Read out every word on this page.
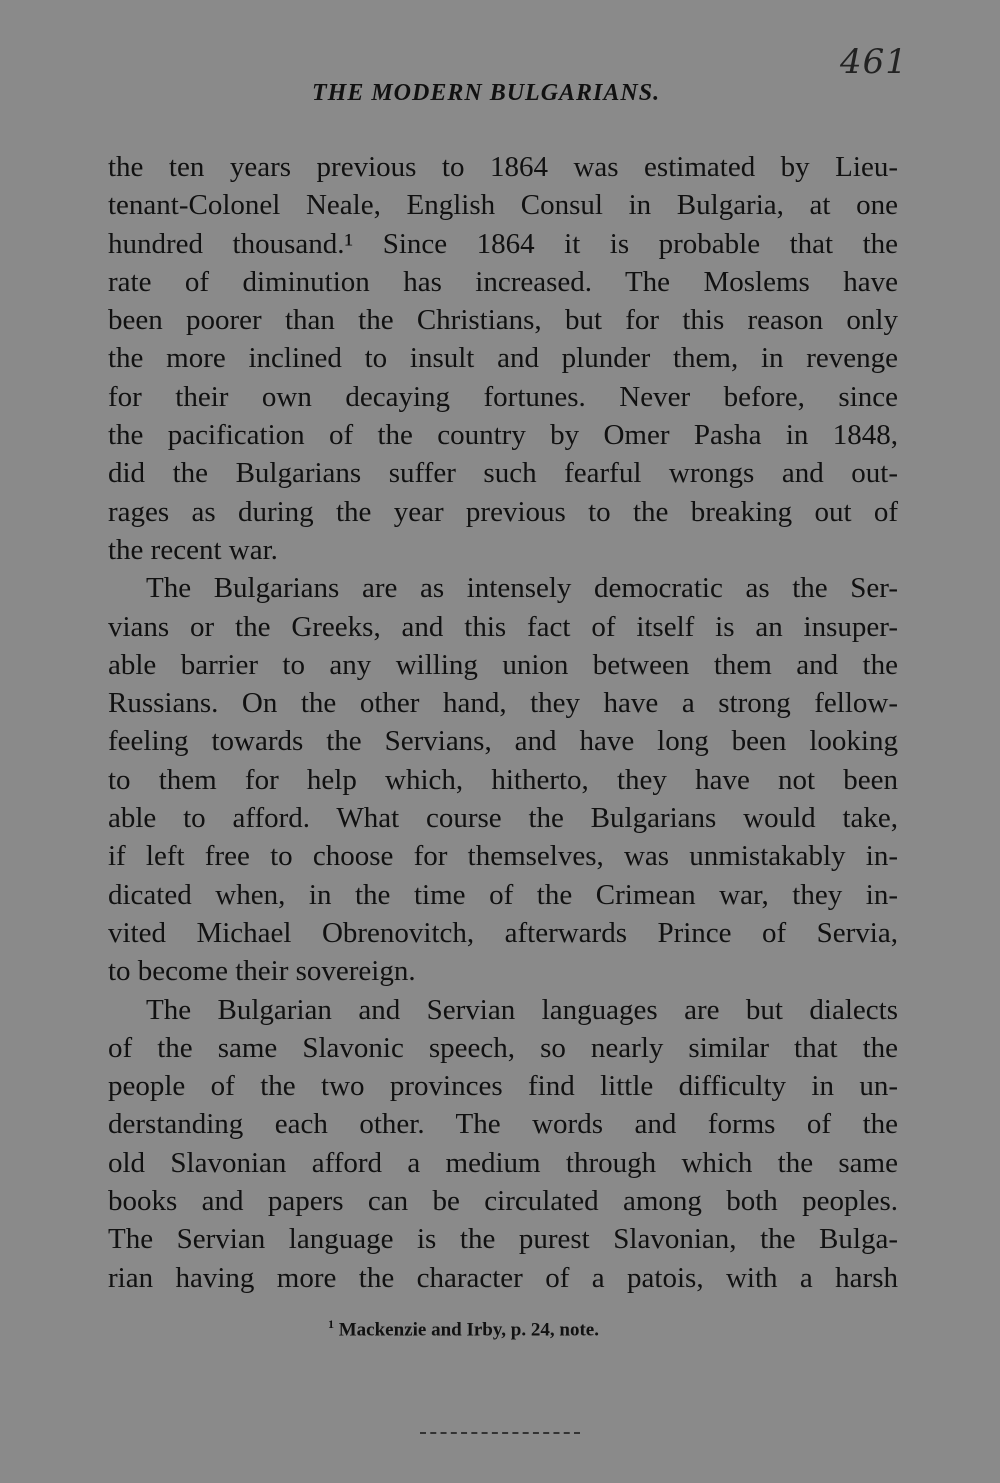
461
THE MODERN BULGARIANS.
the ten years previous to 1864 was estimated by Lieu-
tenant-Colonel Neale, English Consul in Bulgaria, at one
hundred thousand.¹ Since 1864 it is probable that the
rate of diminution has increased. The Moslems have
been poorer than the Christians, but for this reason only
the more inclined to insult and plunder them, in revenge
for their own decaying fortunes. Never before, since
the pacification of the country by Omer Pasha in 1848,
did the Bulgarians suffer such fearful wrongs and out-
rages as during the year previous to the breaking out of
the recent war.
The Bulgarians are as intensely democratic as the Ser-
vians or the Greeks, and this fact of itself is an insuper-
able barrier to any willing union between them and the
Russians. On the other hand, they have a strong fellow-
feeling towards the Servians, and have long been looking
to them for help which, hitherto, they have not been
able to afford. What course the Bulgarians would take,
if left free to choose for themselves, was unmistakably in-
dicated when, in the time of the Crimean war, they in-
vited Michael Obrenovitch, afterwards Prince of Servia,
to become their sovereign.
The Bulgarian and Servian languages are but dialects
of the same Slavonic speech, so nearly similar that the
people of the two provinces find little difficulty in un-
derstanding each other. The words and forms of the
old Slavonian afford a medium through which the same
books and papers can be circulated among both peoples.
The Servian language is the purest Slavonian, the Bulga-
rian having more the character of a patois, with a harsh
$^1$ Mackenzie and Irby, p. 24, note.
